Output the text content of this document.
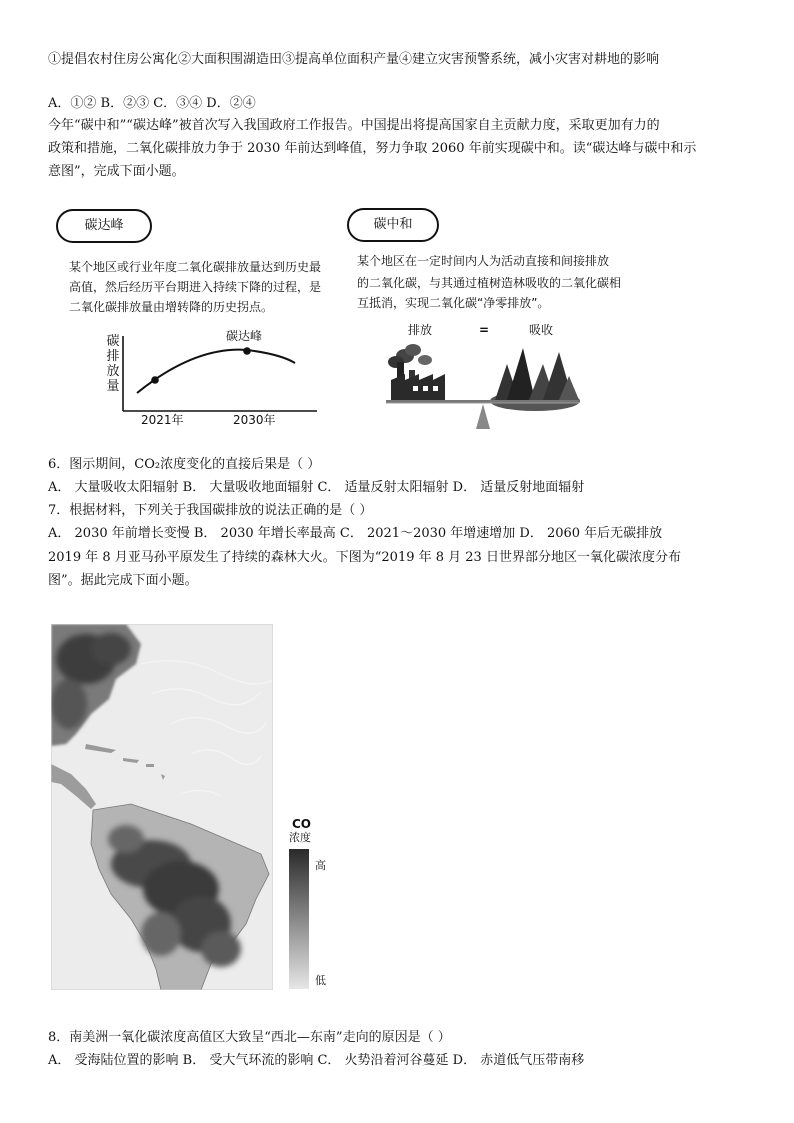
①提倡农村住房公寓化②大面积围湖造田③提高单位面积产量④建立灾害预警系统，减小灾害对耕地的影响
A．①② B．②③ C．③④ D．②④
今年“碳中和”“碳达峰”被首次写入我国政府工作报告。中国提出将提高国家自主贡献力度，采取更加有力的
政策和措施，二氧化碳排放力争于 2030 年前达到峰值，努力争取 2060 年前实现碳中和。读“碳达峰与碳中和示
意图”，完成下面小题。
碳达峰	碳中和
某个地区或行业年度二氧化碳排放量达到历史最
高值，然后经历平台期进入持续下降的过程，是
二氧化碳排放量由增转降的历史拐点。
某个地区在一定时间内人为活动直接和间接排放
的二氧化碳，与其通过植树造林吸收的二氧化碳相
互抵消，实现二氧化碳“净零排放”。
碳
排
放
量
碳达峰
2021年	2030年
排放	=	吸收
6．图示期间，CO₂浓度变化的直接后果是（ ）
A． 大量吸收太阳辐射 B． 大量吸收地面辐射 C． 适量反射太阳辐射 D． 适量反射地面辐射
7．根据材料，下列关于我国碳排放的说法正确的是（ ）
A． 2030 年前增长变慢 B． 2030 年增长率最高 C． 2021～2030 年增速增加 D． 2060 年后无碳排放
2019 年 8 月亚马孙平原发生了持续的森林大火。下图为“2019 年 8 月 23 日世界部分地区一氧化碳浓度分布
图”。据此完成下面小题。
CO
浓度
高
低
8．南美洲一氧化碳浓度高值区大致呈“西北—东南”走向的原因是（ ）
A． 受海陆位置的影响 B． 受大气环流的影响 C． 火势沿着河谷蔓延 D． 赤道低气压带南移
